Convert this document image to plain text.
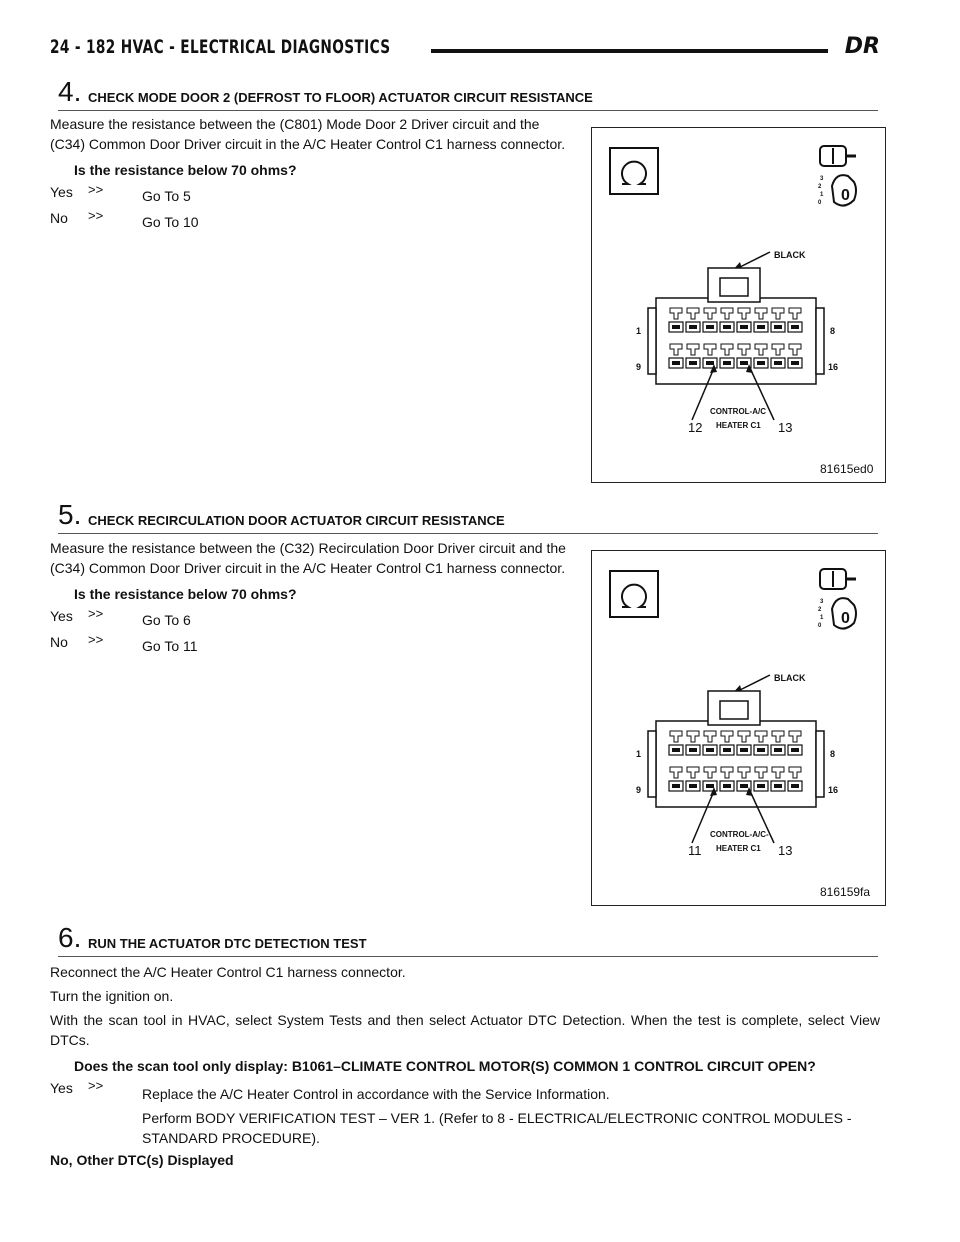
24 - 182 HVAC - ELECTRICAL DIAGNOSTICS	DR
4. CHECK MODE DOOR 2 (DEFROST TO FLOOR) ACTUATOR CIRCUIT RESISTANCE

Measure the resistance between the (C801) Mode Door 2 Driver circuit and the (C34) Common Door Driver circuit in the A/C Heater Control C1 harness connector.

Is the resistance below 70 ohms?

Yes >>	Go To 5
No >>	Go To 10
3
2
1
0 0
BLACK
1	8
9	16
12	13
CONTROL-A/C
HEATER C1
81615ed0
5. CHECK RECIRCULATION DOOR ACTUATOR CIRCUIT RESISTANCE

Measure the resistance between the (C32) Recirculation Door Driver circuit and the (C34) Common Door Driver circuit in the A/C Heater Control C1 harness connector.

Is the resistance below 70 ohms?

Yes >>	Go To 6
No >>	Go To 11
3
2
1
0 0
BLACK
1	8
9	16
11	13
CONTROL-A/C-
HEATER C1
816159fa
6. RUN THE ACTUATOR DTC DETECTION TEST

Reconnect the A/C Heater Control C1 harness connector.

Turn the ignition on.

With the scan tool in HVAC, select System Tests and then select Actuator DTC Detection. When the test is complete, select View DTCs.

Does the scan tool only display: B1061–CLIMATE CONTROL MOTOR(S) COMMON 1 CONTROL CIRCUIT OPEN?

Yes >>

Replace the A/C Heater Control in accordance with the Service Information.

Perform BODY VERIFICATION TEST – VER 1. (Refer to 8 - ELECTRICAL/ELECTRONIC CONTROL MODULES - STANDARD PROCEDURE).

No, Other DTC(s) Displayed
